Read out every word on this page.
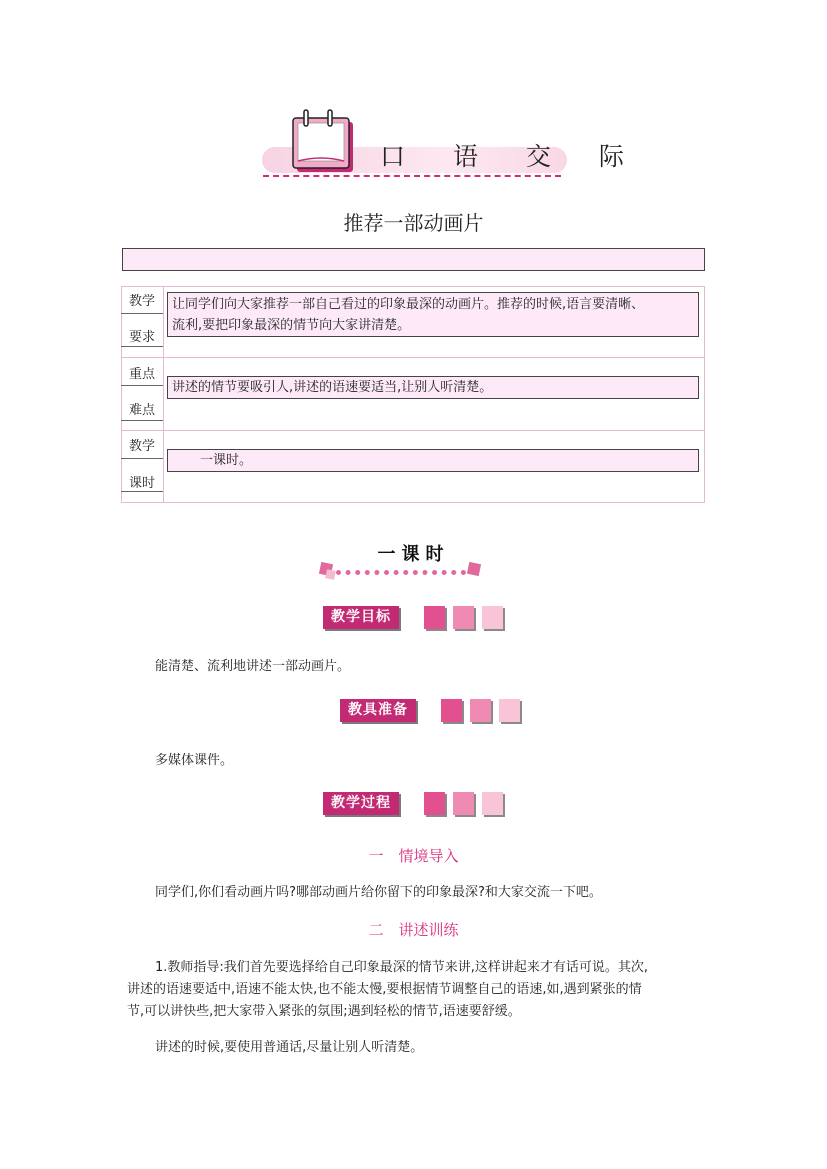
口 语 交 际
推荐一部动画片
教学
要求
让同学们向大家推荐一部自己看过的印象最深的动画片。推荐的时候,语言要清晰、
流利,要把印象最深的情节向大家讲清楚。
重点
难点
讲述的情节要吸引人,讲述的语速要适当,让别人听清楚。
教学
课时
一课时。
一课时
教学目标
能清楚、流利地讲述一部动画片。
教具准备
多媒体课件。
教学过程
一　情境导入
同学们,你们看动画片吗?哪部动画片给你留下的印象最深?和大家交流一下吧。
二　讲述训练
1.教师指导:我们首先要选择给自己印象最深的情节来讲,这样讲起来才有话可说。其次,
讲述的语速要适中,语速不能太快,也不能太慢,要根据情节调整自己的语速,如,遇到紧张的情
节,可以讲快些,把大家带入紧张的氛围;遇到轻松的情节,语速要舒缓。
讲述的时候,要使用普通话,尽量让别人听清楚。
